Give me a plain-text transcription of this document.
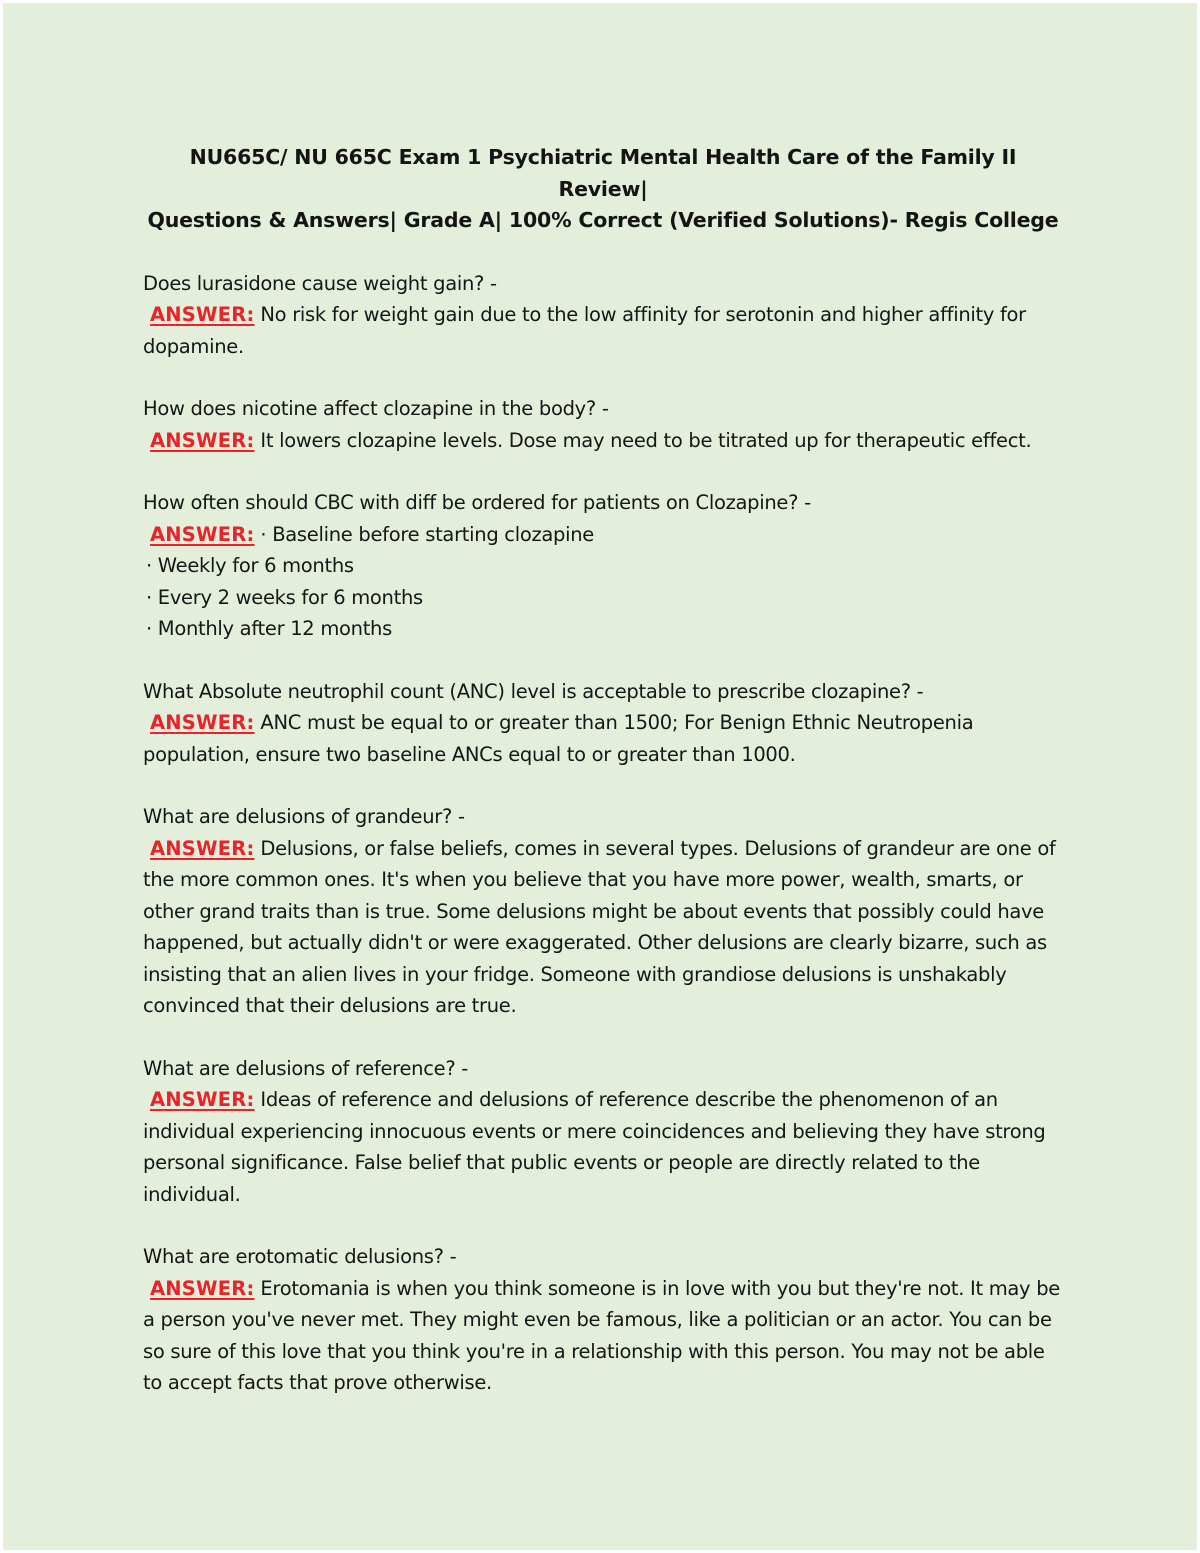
NU665C/ NU 665C Exam 1 Psychiatric Mental Health Care of the Family II Review|
Questions & Answers| Grade A| 100% Correct (Verified Solutions)- Regis College

Does lurasidone cause weight gain? -

ANSWER: No risk for weight gain due to the low affinity for serotonin and higher affinity for dopamine.

How does nicotine affect clozapine in the body? -

ANSWER: It lowers clozapine levels. Dose may need to be titrated up for therapeutic effect.

How often should CBC with diff be ordered for patients on Clozapine? -

ANSWER: · Baseline before starting clozapine

· Weekly for 6 months

· Every 2 weeks for 6 months

· Monthly after 12 months

What Absolute neutrophil count (ANC) level is acceptable to prescribe clozapine? -

ANSWER: ANC must be equal to or greater than 1500; For Benign Ethnic Neutropenia population, ensure two baseline ANCs equal to or greater than 1000.

What are delusions of grandeur? -

ANSWER: Delusions, or false beliefs, comes in several types. Delusions of grandeur are one of the more common ones. It's when you believe that you have more power, wealth, smarts, or other grand traits than is true. Some delusions might be about events that possibly could have happened, but actually didn't or were exaggerated. Other delusions are clearly bizarre, such as insisting that an alien lives in your fridge. Someone with grandiose delusions is unshakably convinced that their delusions are true.

What are delusions of reference? -

ANSWER: Ideas of reference and delusions of reference describe the phenomenon of an individual experiencing innocuous events or mere coincidences and believing they have strong personal significance. False belief that public events or people are directly related to the individual.

What are erotomatic delusions? -

ANSWER: Erotomania is when you think someone is in love with you but they're not. It may be a person you've never met. They might even be famous, like a politician or an actor. You can be so sure of this love that you think you're in a relationship with this person. You may not be able to accept facts that prove otherwise.
